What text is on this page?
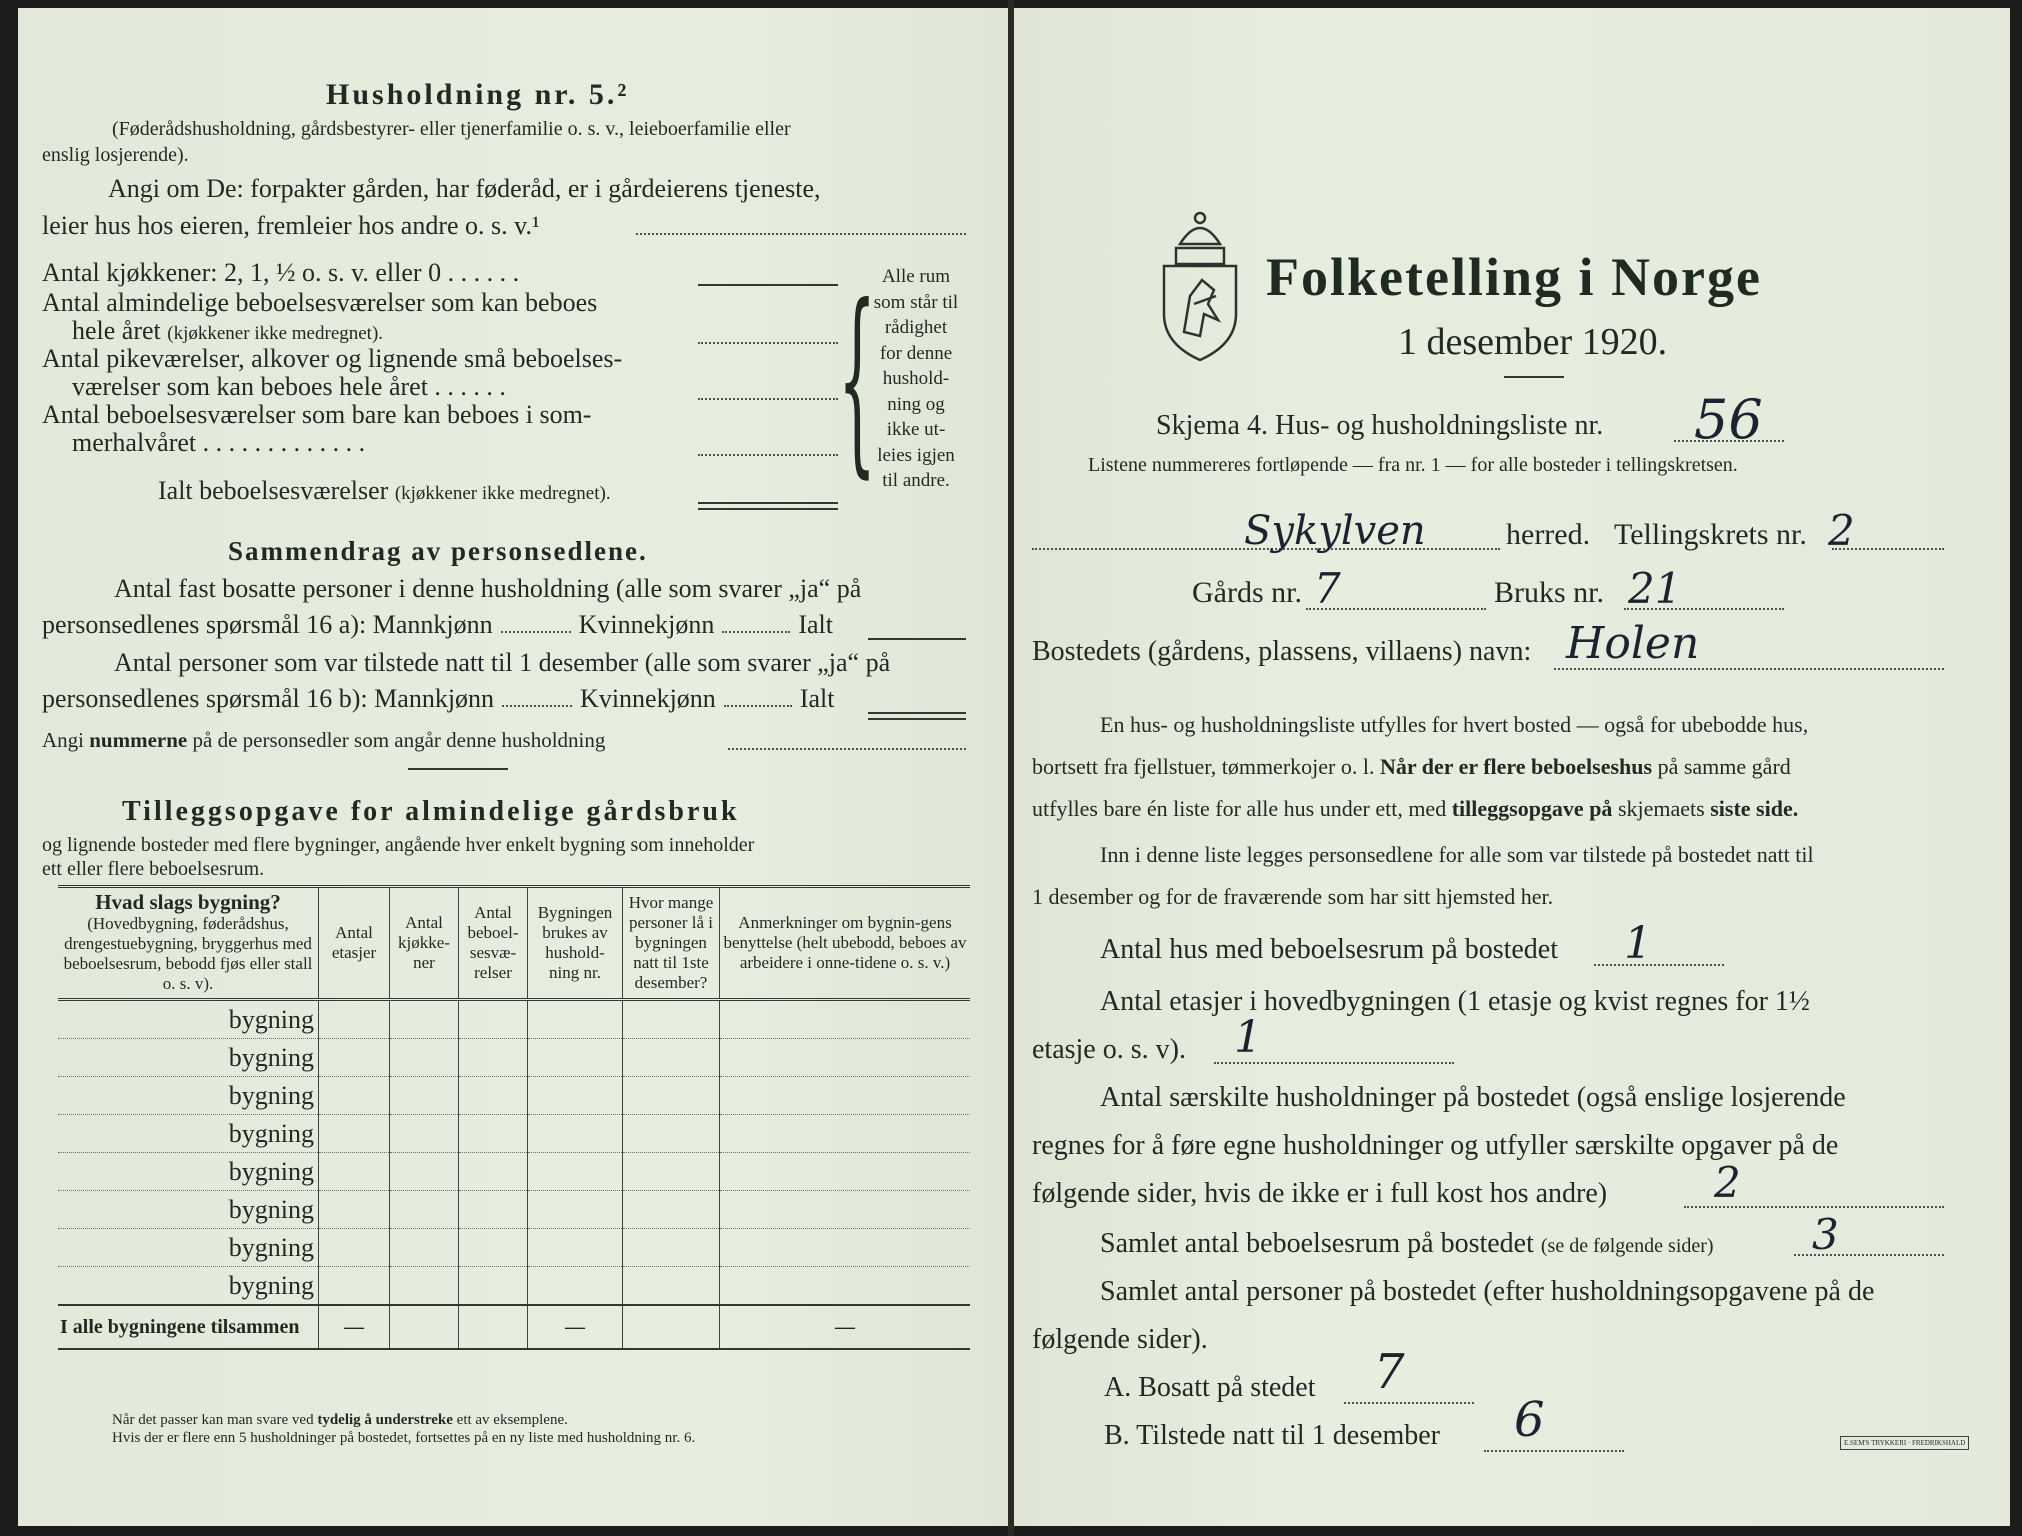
Husholdning nr. 5.²
(Føderådshusholdning, gårdsbestyrer- eller tjenerfamilie o. s. v., leieboerfamilie eller
enslig losjerende).
Angi om De: forpakter gården, har føderåd, er i gårdeierens tjeneste,
leier hus hos eieren, fremleier hos andre o. s. v.¹
Antal kjøkkener: 2, 1, ½ o. s. v. eller 0 . . . . . .
Antal almindelige beboelsesværelser som kan beboes
hele året (kjøkkener ikke medregnet).
Antal pikeværelser, alkover og lignende små beboelses-
værelser som kan beboes hele året . . . . . .
Antal beboelsesværelser som bare kan beboes i som-
merhalvåret . . . . . . . . . . . . .
Ialt beboelsesværelser (kjøkkener ikke medregnet). { Alle rum
som står til
rådighet
for denne
hushold-
ning og
ikke ut-
leies igjen
til andre.
Sammendrag av personsedlene.
Antal fast bosatte personer i denne husholdning (alle som svarer „ja“ på
personsedlenes spørsmål 16 a): Mannkjønn	Kvinnekjønn	Ialt
Antal personer som var tilstede natt til 1 desember (alle som svarer „ja“ på
personsedlenes spørsmål 16 b): Mannkjønn	Kvinnekjønn	Ialt
Angi nummerne på de personsedler som angår denne husholdning
Tilleggsopgave for almindelige gårdsbruk
og lignende bosteder med flere bygninger, angående hver enkelt bygning som inneholder
ett eller flere beboelsesrum.
Hvad slags bygning?
(Hovedbygning, føderådshus, drengestuebygning, bryggerhus med beboelsesrum, bebodd fjøs eller stall o. s. v).	Antal etasjer	Antal kjøkke-ner	Antal beboel-sesvæ-relser	Bygningen brukes av hushold-ning nr.	Hvor mange personer lå i bygningen natt til 1ste desember?	Anmerkninger om bygnin-gens benyttelse (helt ubebodd, beboes av arbeidere i onne-tidene o. s. v.)
bygning						
bygning						
bygning						
bygning						
bygning						
bygning						
bygning						
bygning						
I alle bygningene tilsammen	—			—		—
Når det passer kan man svare ved tydelig å understreke ett av eksemplene.
Hvis der er flere enn 5 husholdninger på bostedet, fortsettes på en ny liste med husholdning nr. 6.
Folketelling i Norge
1 desember 1920.
Skjema 4. Hus- og husholdningsliste nr. 56
Listene nummereres fortløpende — fra nr. 1 — for alle bosteder i tellingskretsen.
Sykylven	herred. Tellingskrets nr. 2
Gårds nr. 7	Bruks nr. 21
Bostedets (gårdens, plassens, villaens) navn: Holen
En hus- og husholdningsliste utfylles for hvert bosted — også for ubebodde hus,
bortsett fra fjellstuer, tømmerkojer o. l. Når der er flere beboelseshus på samme gård
utfylles bare én liste for alle hus under ett, med tilleggsopgave på skjemaets siste side.
Inn i denne liste legges personsedlene for alle som var tilstede på bostedet natt til
1 desember og for de fraværende som har sitt hjemsted her.
Antal hus med beboelsesrum på bostedet 1
Antal etasjer i hovedbygningen (1 etasje og kvist regnes for 1½
etasje o. s. v). 1
Antal særskilte husholdninger på bostedet (også enslige losjerende
regnes for å føre egne husholdninger og utfyller særskilte opgaver på de
følgende sider, hvis de ikke er i full kost hos andre)	2
Samlet antal beboelsesrum på bostedet (se de følgende sider) 3
Samlet antal personer på bostedet (efter husholdningsopgavene på de
følgende sider).
A. Bosatt på stedet 7
B. Tilstede natt til 1 desember 6	E.SEM'S TRYKKERI · FREDRIKSHALD
